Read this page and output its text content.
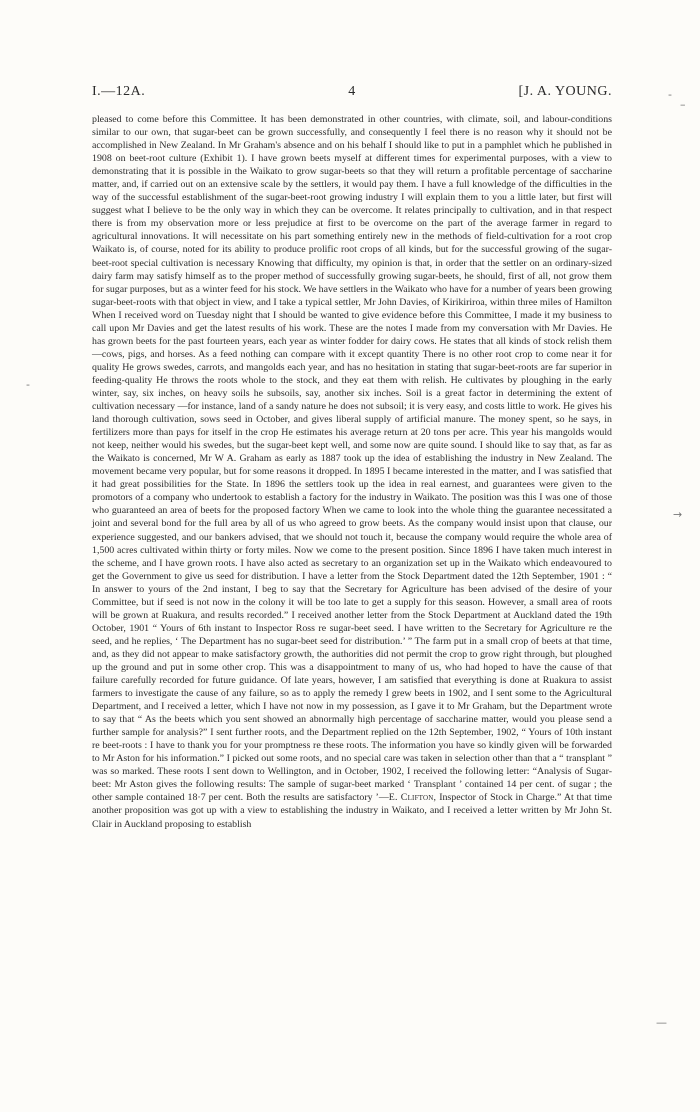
I.—12A.	4	[J. A. YOUNG.

pleased to come before this Committee. It has been demonstrated in other countries, with climate, soil, and labour-conditions similar to our own, that sugar-beet can be grown successfully, and consequently I feel there is no reason why it should not be accomplished in New Zealand. In Mr Graham's absence and on his behalf I should like to put in a pamphlet which he published in 1908 on beet-root culture (Exhibit 1). I have grown beets myself at different times for experimental purposes, with a view to demonstrating that it is possible in the Waikato to grow sugar-beets so that they will return a profitable percentage of saccharine matter, and, if carried out on an extensive scale by the settlers, it would pay them. I have a full knowledge of the difficulties in the way of the successful establishment of the sugar-beet-root growing industry I will explain them to you a little later, but first will suggest what I believe to be the only way in which they can be overcome. It relates principally to cultivation, and in that respect there is from my observation more or less prejudice at first to be overcome on the part of the average farmer in regard to agricultural innovations. It will necessitate on his part something entirely new in the methods of field-cultivation for a root crop Waikato is, of course, noted for its ability to produce prolific root crops of all kinds, but for the successful growing of the sugar-beet-root special cultivation is necessary Knowing that difficulty, my opinion is that, in order that the settler on an ordinary-sized dairy farm may satisfy himself as to the proper method of successfully growing sugar-beets, he should, first of all, not grow them for sugar purposes, but as a winter feed for his stock. We have settlers in the Waikato who have for a number of years been growing sugar-beet-roots with that object in view, and I take a typical settler, Mr John Davies, of Kirikiriroa, within three miles of Hamilton When I received word on Tuesday night that I should be wanted to give evidence before this Committee, I made it my business to call upon Mr Davies and get the latest results of his work. These are the notes I made from my conversation with Mr Davies. He has grown beets for the past fourteen years, each year as winter fodder for dairy cows. He states that all kinds of stock relish them—cows, pigs, and horses. As a feed nothing can compare with it except quantity There is no other root crop to come near it for quality He grows swedes, carrots, and mangolds each year, and has no hesitation in stating that sugar-beet-roots are far superior in feeding-quality He throws the roots whole to the stock, and they eat them with relish. He cultivates by ploughing in the early winter, say, six inches, on heavy soils he subsoils, say, another six inches. Soil is a great factor in determining the extent of cultivation necessary —for instance, land of a sandy nature he does not subsoil; it is very easy, and costs little to work. He gives his land thorough cultivation, sows seed in October, and gives liberal supply of artificial manure. The money spent, so he says, in fertilizers more than pays for itself in the crop He estimates his average return at 20 tons per acre. This year his mangolds would not keep, neither would his swedes, but the sugar-beet kept well, and some now are quite sound. I should like to say that, as far as the Waikato is concerned, Mr W A. Graham as early as 1887 took up the idea of establishing the industry in New Zealand. The movement became very popular, but for some reasons it dropped. In 1895 I became interested in the matter, and I was satisfied that it had great possibilities for the State. In 1896 the settlers took up the idea in real earnest, and guarantees were given to the promotors of a company who undertook to establish a factory for the industry in Waikato. The position was this I was one of those who guaranteed an area of beets for the proposed factory When we came to look into the whole thing the guarantee necessitated a joint and several bond for the full area by all of us who agreed to grow beets. As the company would insist upon that clause, our experience suggested, and our bankers advised, that we should not touch it, because the company would require the whole area of 1,500 acres cultivated within thirty or forty miles. Now we come to the present position. Since 1896 I have taken much interest in the scheme, and I have grown roots. I have also acted as secretary to an organization set up in the Waikato which endeavoured to get the Government to give us seed for distribution. I have a letter from the Stock Department dated the 12th September, 1901 : “ In answer to yours of the 2nd instant, I beg to say that the Secretary for Agriculture has been advised of the desire of your Committee, but if seed is not now in the colony it will be too late to get a supply for this season. However, a small area of roots will be grown at Ruakura, and results recorded.” I received another letter from the Stock Department at Auckland dated the 19th October, 1901 “ Yours of 6th instant to Inspector Ross re sugar-beet seed. I have written to the Secretary for Agriculture re the seed, and he replies, ‘ The Department has no sugar-beet seed for distribution.’ ” The farm put in a small crop of beets at that time, and, as they did not appear to make satisfactory growth, the authorities did not permit the crop to grow right through, but ploughed up the ground and put in some other crop. This was a disappointment to many of us, who had hoped to have the cause of that failure carefully recorded for future guidance. Of late years, however, I am satisfied that everything is done at Ruakura to assist farmers to investigate the cause of any failure, so as to apply the remedy I grew beets in 1902, and I sent some to the Agricultural Department, and I received a letter, which I have not now in my possession, as I gave it to Mr Graham, but the Department wrote to say that “ As the beets which you sent showed an abnormally high percentage of saccharine matter, would you please send a further sample for analysis?” I sent further roots, and the Department replied on the 12th September, 1902, “ Yours of 10th instant re beet-roots : I have to thank you for your promptness re these roots. The information you have so kindly given will be forwarded to Mr Aston for his information.” I picked out some roots, and no special care was taken in selection other than that a “ transplant ” was so marked. These roots I sent down to Wellington, and in October, 1902, I received the following letter: “Analysis of Sugar-beet: Mr Aston gives the following results: The sample of sugar-beet marked ‘ Transplant ’ contained 14 per cent. of sugar ; the other sample contained 18·7 per cent. Both the results are satisfactory ’—E. Clifton, Inspector of Stock in Charge.” At that time another proposition was got up with a view to establishing the industry in Waikato, and I received a letter written by Mr John St. Clair in Auckland proposing to establish

‐
–
-
→
—
